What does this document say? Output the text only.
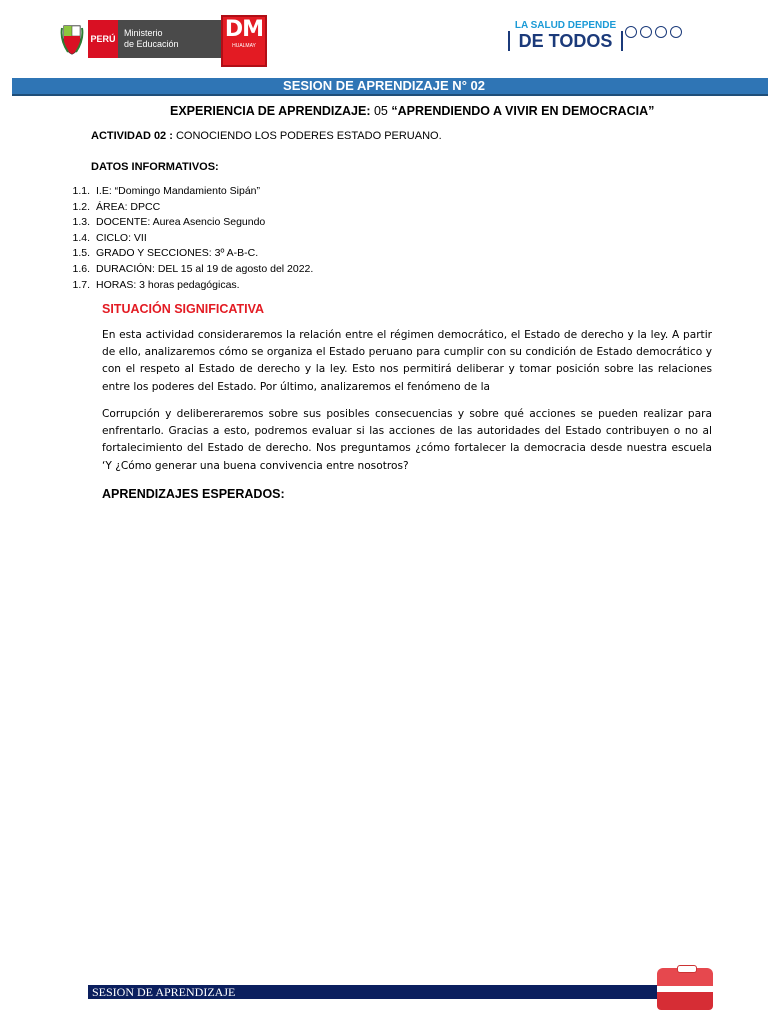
PERÚ
Ministerio
de Educación
DM
HUALMAY
LA SALUD DEPENDE
DE TODOS
SESION DE APRENDIZAJE N° 02
EXPERIENCIA DE APRENDIZAJE: 05 “APRENDIENDO A VIVIR EN DEMOCRACIA”
ACTIVIDAD 02 : CONOCIENDO LOS PODERES ESTADO PERUANO.
DATOS INFORMATIVOS:
1.1. I.E: “Domingo Mandamiento Sipán”
1.2. ÁREA: DPCC
1.3. DOCENTE: Aurea Asencio Segundo
1.4. CICLO: VII
1.5. GRADO Y SECCIONES: 3º A-B-C.
1.6. DURACIÓN: DEL 15 al 19 de agosto del 2022.
1.7. HORAS: 3 horas pedagógicas.
SITUACIÓN SIGNIFICATIVA
En esta actividad consideraremos la relación entre el régimen democrático, el Estado de derecho y la ley. A partir de ello, analizaremos cómo se organiza el Estado peruano para cumplir con su condición de Estado democrático y con el respeto al Estado de derecho y la ley. Esto nos permitirá deliberar y tomar posición sobre las relaciones entre los poderes del Estado. Por último, analizaremos el fenómeno de la
Corrupción y delibereraremos sobre sus posibles consecuencias y sobre qué acciones se pueden realizar para enfrentarlo. Gracias a esto, podremos evaluar si las acciones de las autoridades del Estado contribuyen o no al fortalecimiento del Estado de derecho. Nos preguntamos ¿cómo fortalecer la democracia desde nuestra escuela ‘Y ¿Cómo generar una buena convivencia entre nosotros?
APRENDIZAJES ESPERADOS:
SESION DE APRENDIZAJE
